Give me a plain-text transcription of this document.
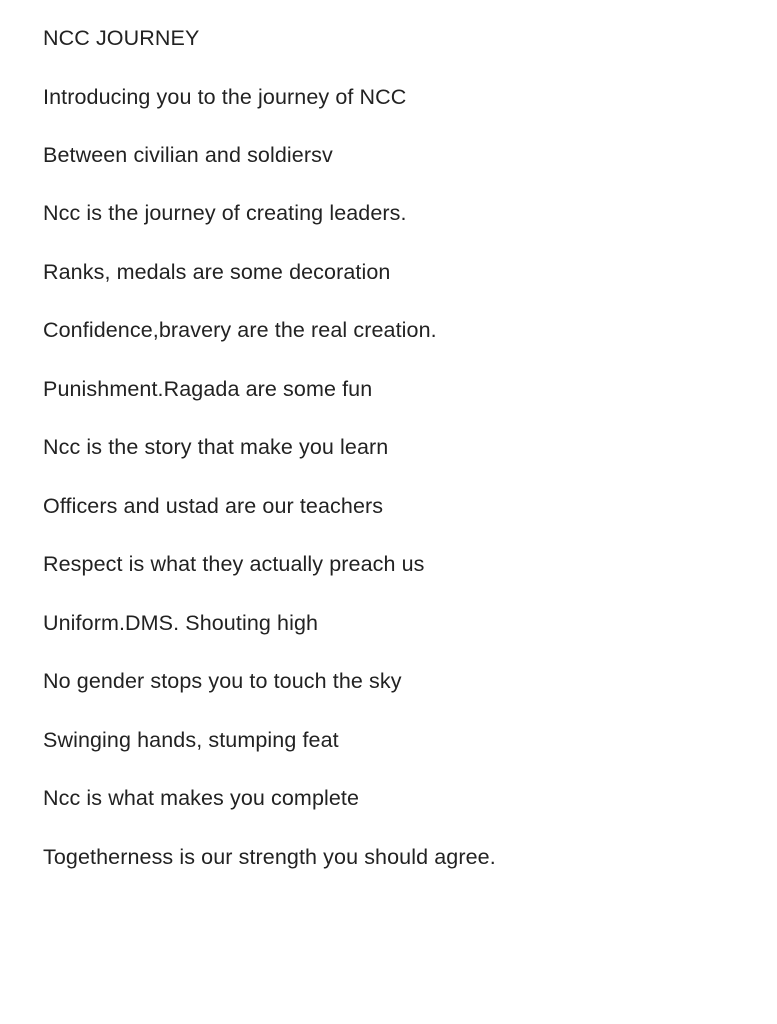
NCC JOURNEY
Introducing you to the journey of NCC
Between civilian and soldiersv
Ncc is the journey of creating leaders.
Ranks, medals are some decoration
Confidence,bravery are the real creation.
Punishment.Ragada are some fun
Ncc is the story that make you learn
Officers and ustad are our teachers
Respect is what they actually preach us
Uniform.DMS. Shouting high
No gender stops you to touch the sky
Swinging hands, stumping feat
Ncc is what makes you complete
Togetherness is our strength you should agree.
